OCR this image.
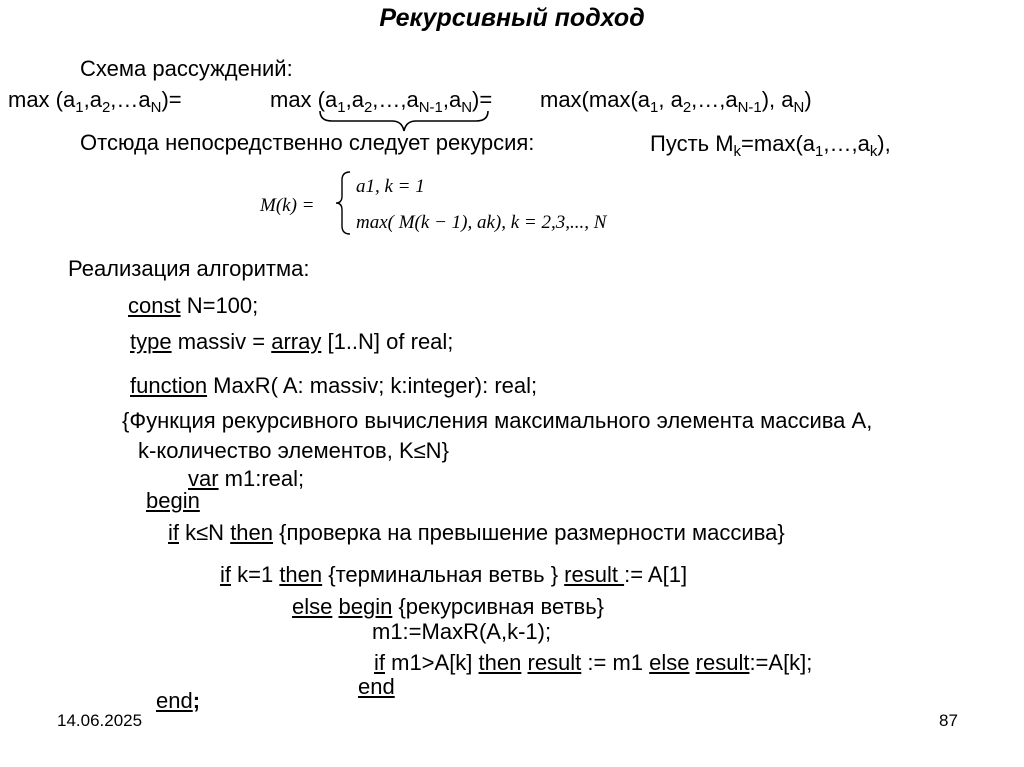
Рекурсивный подход
Схема рассуждений:
$\max (a_1,a_2,\dots a_N)=$	$\max (a_1,a_2,\dots,a_{N-1},a_N)= \max(\max(a_1$, $a_2,\dots,a_{N-1}$), $a_N$)
Отсюда непосредственно следует рекурсия:	Пусть $M_k=\max(a_1,\dots,a_k)$,
M(k) =
a1, k = 1
max( M(k − 1), ak), k = 2,3,..., N
Реализация алгоритма:
const N=100;
type massiv = array [1..N] of real;
function MaxR( A: massiv; k:integer): real;
{Функция рекурсивного вычисления максимального элемента массива А,
k-количество элементов, K≤N}
var m1:real;
begin
if k≤N then {проверка на превышение размерности массива}
if k=1 then {терминальная ветвь } result := A[1]
else begin {рекурсивная ветвь}
m1:=MaxR(A,k-1);
if m1>A[k] then result := m1 else result:=A[k];
end
end;
14.06.2025	87
